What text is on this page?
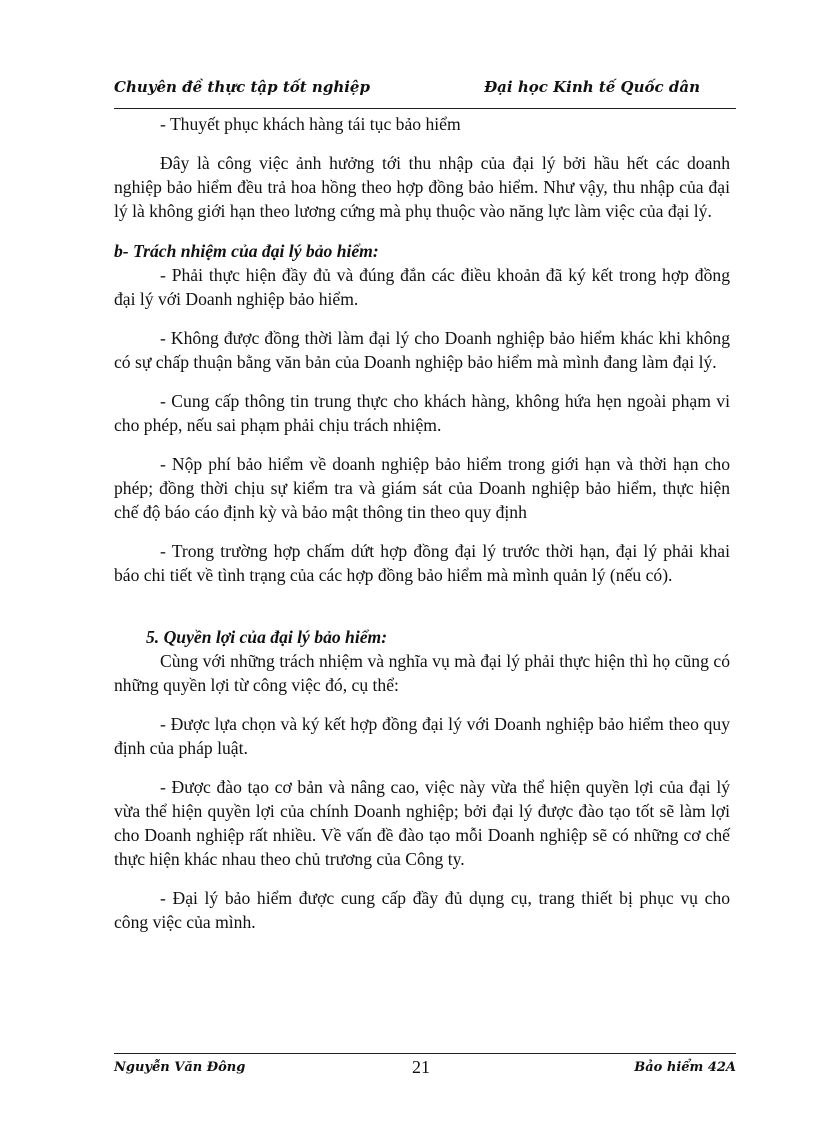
Chuyên đề thực tập tốt nghiệp	Đại học Kinh tế Quốc dân

- Thuyết phục khách hàng tái tục bảo hiểm

Đây là công việc ảnh hưởng tới thu nhập của đại lý bởi hầu hết các doanh nghiệp bảo hiểm đều trả hoa hồng theo hợp đồng bảo hiểm. Như vậy, thu nhập của đại lý là không giới hạn theo lương cứng mà phụ thuộc vào năng lực làm việc của đại lý.

b- Trách nhiệm của đại lý bảo hiểm:

- Phải thực hiện đầy đủ và đúng đắn các điều khoản đã ký kết trong hợp đồng đại lý với Doanh nghiệp bảo hiểm.

- Không được đồng thời làm đại lý cho Doanh nghiệp bảo hiểm khác khi không có sự chấp thuận bằng văn bản của Doanh nghiệp bảo hiểm mà mình đang làm đại lý.

- Cung cấp thông tin trung thực cho khách hàng, không hứa hẹn ngoài phạm vi cho phép, nếu sai phạm phải chịu trách nhiệm.

- Nộp phí bảo hiểm về doanh nghiệp bảo hiểm trong giới hạn và thời hạn cho phép; đồng thời chịu sự kiểm tra và giám sát của Doanh nghiệp bảo hiểm, thực hiện chế độ báo cáo định kỳ và bảo mật thông tin theo quy định

- Trong trường hợp chấm dứt hợp đồng đại lý trước thời hạn, đại lý phải khai báo chi tiết về tình trạng của các hợp đồng bảo hiểm mà mình quản lý (nếu có).

5. Quyền lợi của đại lý bảo hiểm:

Cùng với những trách nhiệm và nghĩa vụ mà đại lý phải thực hiện thì họ cũng có những quyền lợi từ công việc đó, cụ thể:

- Được lựa chọn và ký kết hợp đồng đại lý với Doanh nghiệp bảo hiểm theo quy định của pháp luật.

- Được đào tạo cơ bản và nâng cao, việc này vừa thể hiện quyền lợi của đại lý vừa thể hiện quyền lợi của chính Doanh nghiệp; bởi đại lý được đào tạo tốt sẽ làm lợi cho Doanh nghiệp rất nhiều. Về vấn đề đào tạo mỗi Doanh nghiệp sẽ có những cơ chế thực hiện khác nhau theo chủ trương của Công ty.

- Đại lý bảo hiểm được cung cấp đầy đủ dụng cụ, trang thiết bị phục vụ cho công việc của mình.

Nguyễn Văn Đông	21	Bảo hiểm 42A
